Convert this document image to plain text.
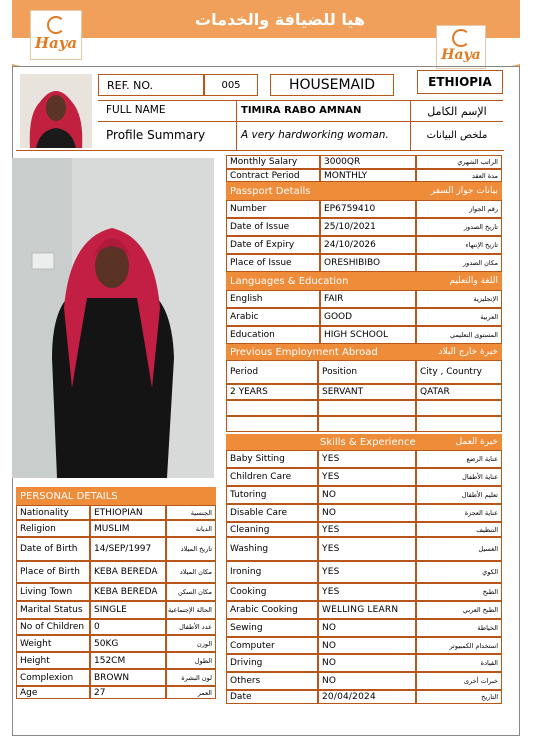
Haya
Haya
هيا للضيافة والخدمات
HAYA HOSPITALITY AND SERVICES
REF. NO.	005	HOUSEMAID	ETHIOPIA
FULL NAME	TIMIRA RABO AMNAN	الإسم الكامل
Profile Summary	A very hardworking woman.	ملخص البيانات
Monthly Salary	3000QR	الراتب الشهري
Contract Period	MONTHLY	مدة العقد
Passport Details	بيانات جواز السفر
Number	EP6759410	رقم الجواز
Date of Issue	25/10/2021	تاريخ الصدور
Date of Expiry	24/10/2026	تاريخ الإنتهاء
Place of Issue	ORESHIBIBO	مكان الصدور
Languages & Education	اللغة والتعليم
English	FAIR	الإنجليزية
Arabic	GOOD	العربية
Education	HIGH SCHOOL	المستوى التعليمي
Previous Employment Abroad	خبرة خارج البلاد
Period	Position	City , Country
2 YEARS	SERVANT	QATAR
Skills & Experience	خبرة العمل
Baby Sitting	YES	عناية الرضع
Children Care	YES	عناية الأطفال
Tutoring	NO	تعليم الأطفال
Disable Care	NO	عناية العجزة
Cleaning	YES	التنظيف
Washing	YES	الغسيل
Ironing	YES	الكوي
Cooking	YES	الطبخ
Arabic Cooking	WELLING LEARN	الطبخ العربي
Sewing	NO	الخياطة
Computer	NO	استخدام الكمبيوتر
Driving	NO	القيادة
Others	NO	خبرات أخرى
Date	20/04/2024	التاريخ
PERSONAL DETAILS
Nationality	ETHIOPIAN	الجنسية
Religion	MUSLIM	الديانة
Date of Birth	14/SEP/1997	تاريخ الميلاد
Place of Birth	KEBA BEREDA	مكان الميلاد
Living Town	KEBA BEREDA	مكان السكن
Marital Status	SINGLE	الحالة الإجتماعية
No of Children	0	عدد الأطفال
Weight	50KG	الوزن
Height	152CM	الطول
Complexion	BROWN	لون البشرة
Age	27	العمر
